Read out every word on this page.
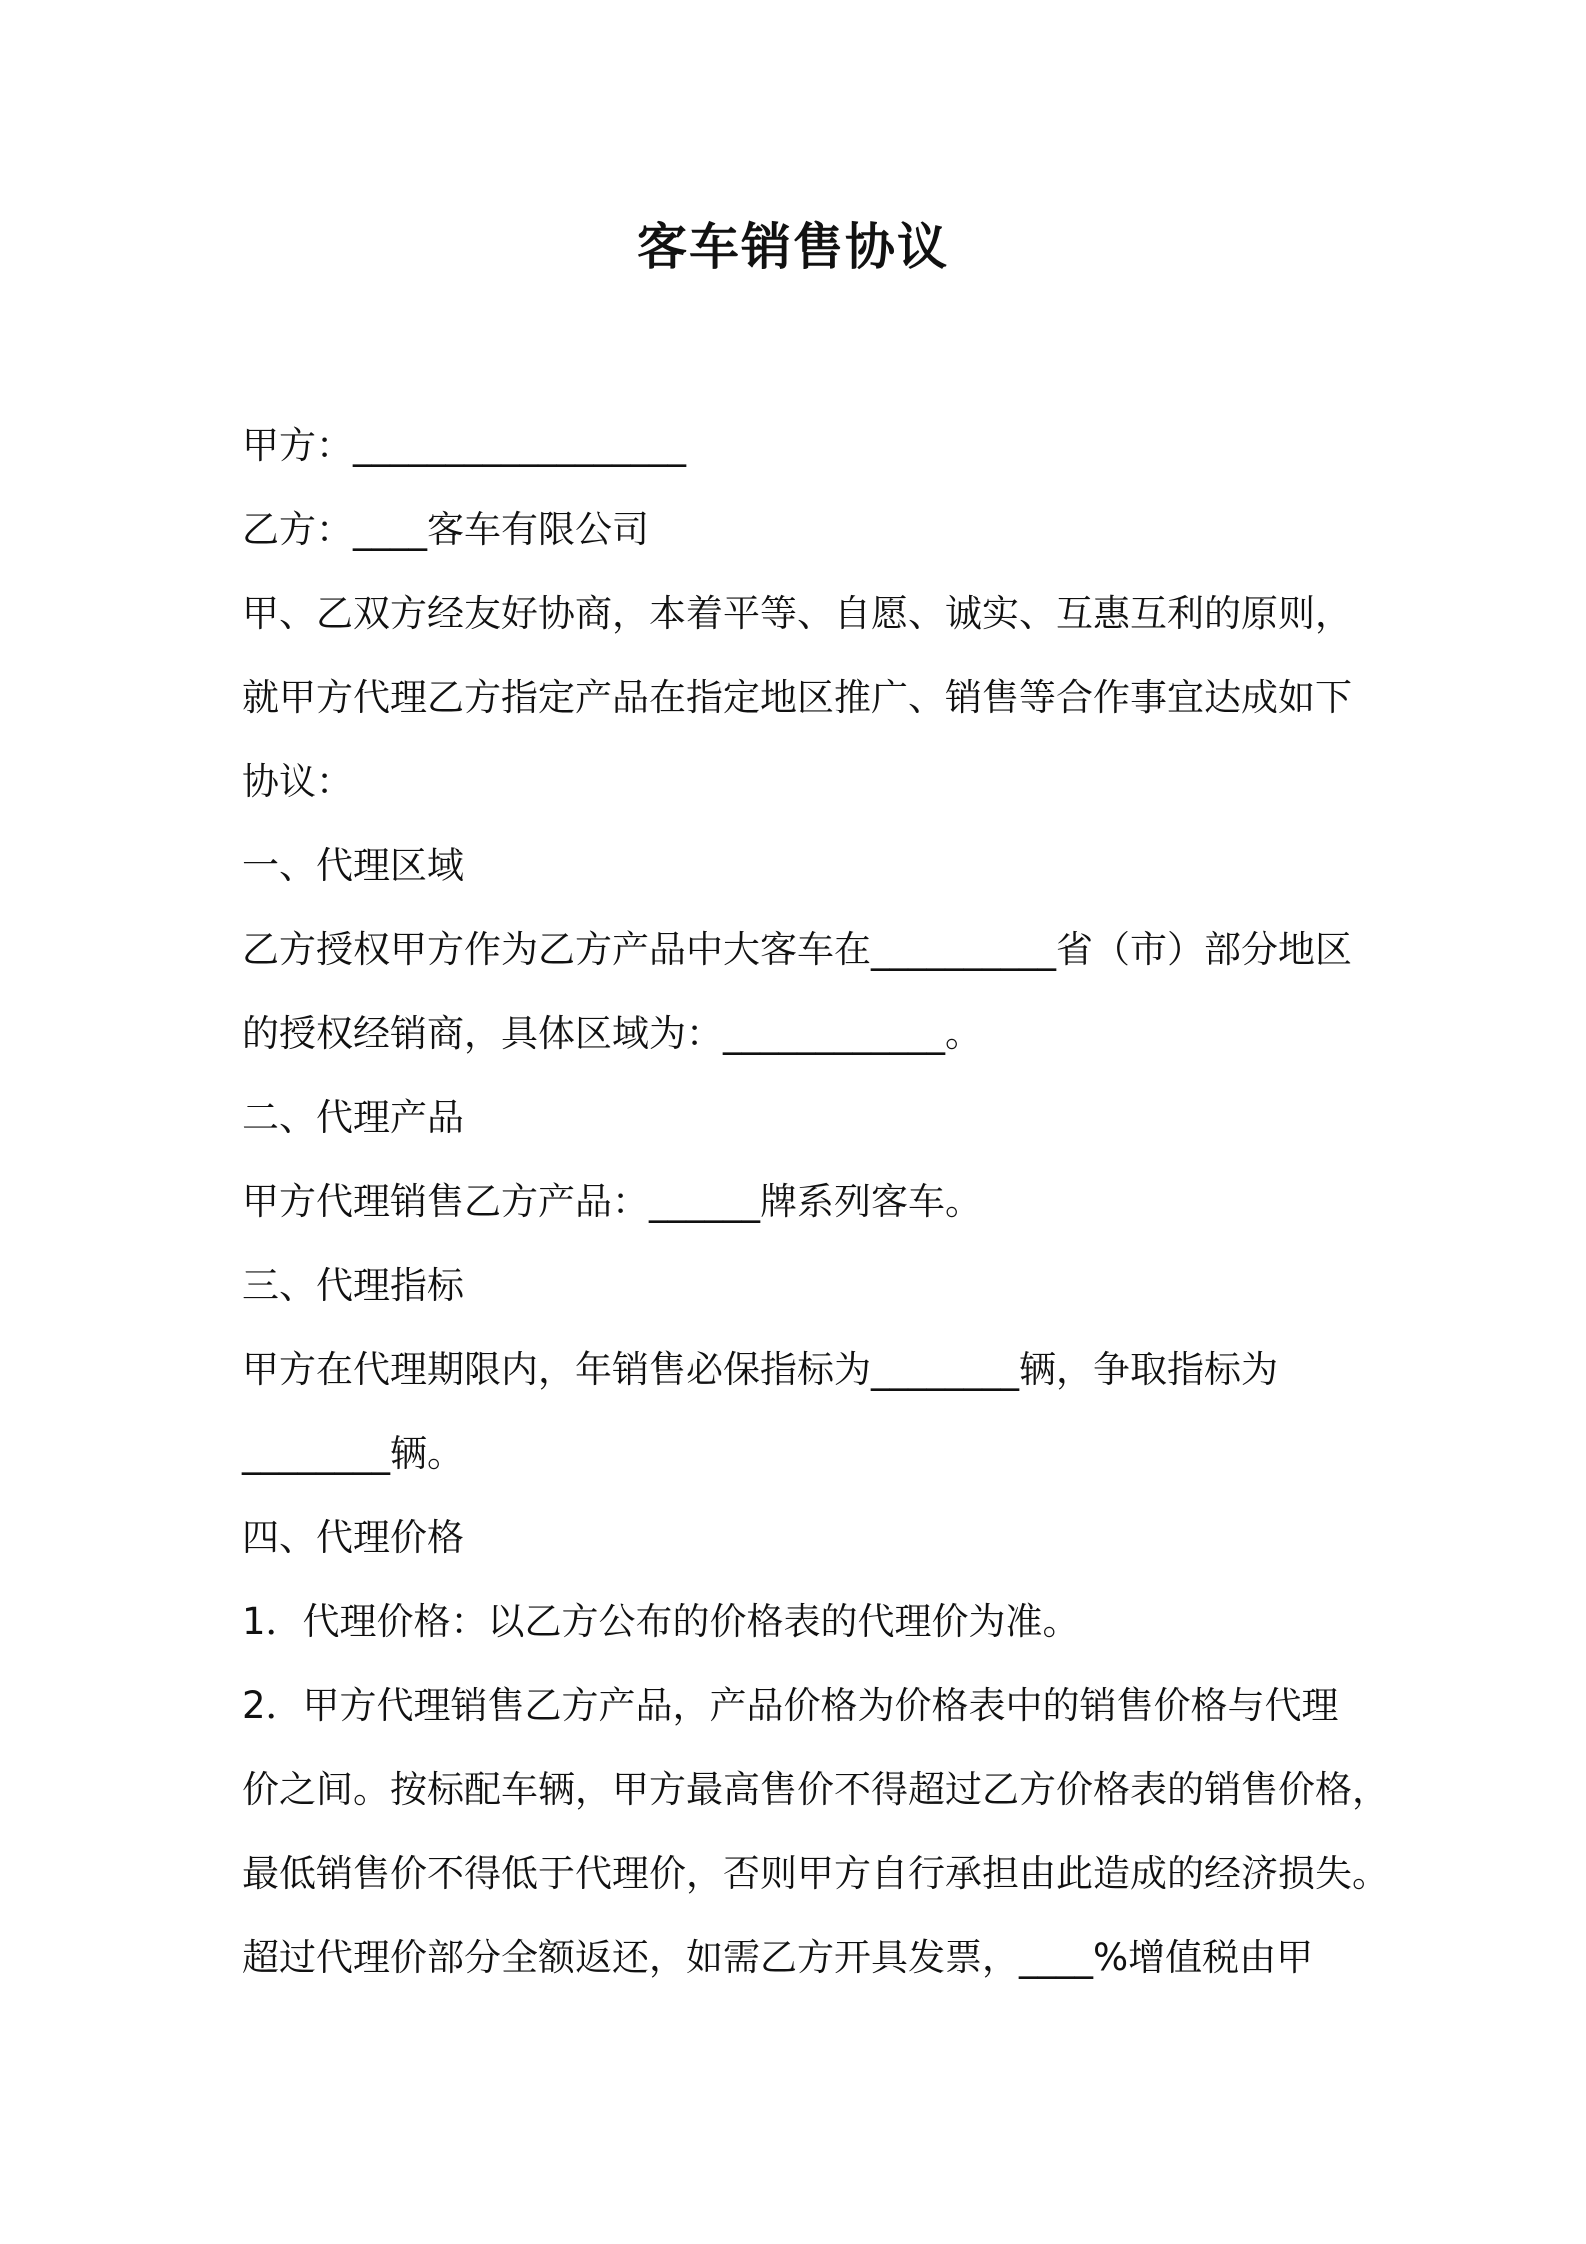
客车销售协议

甲方：__________________

乙方：____客车有限公司

甲、乙双方经友好协商，本着平等、自愿、诚实、互惠互利的原则，

就甲方代理乙方指定产品在指定地区推广、销售等合作事宜达成如下

协议：

一、代理区域

乙方授权甲方作为乙方产品中大客车在__________省（市）部分地区

的授权经销商，具体区域为：____________。

二、代理产品

甲方代理销售乙方产品：______牌系列客车。

三、代理指标

甲方在代理期限内，年销售必保指标为________辆，争取指标为

________辆。

四、代理价格

1．代理价格：以乙方公布的价格表的代理价为准。

2．甲方代理销售乙方产品，产品价格为价格表中的销售价格与代理

价之间。按标配车辆，甲方最高售价不得超过乙方价格表的销售价格，

最低销售价不得低于代理价，否则甲方自行承担由此造成的经济损失。

超过代理价部分全额返还，如需乙方开具发票，____%增值税由甲
